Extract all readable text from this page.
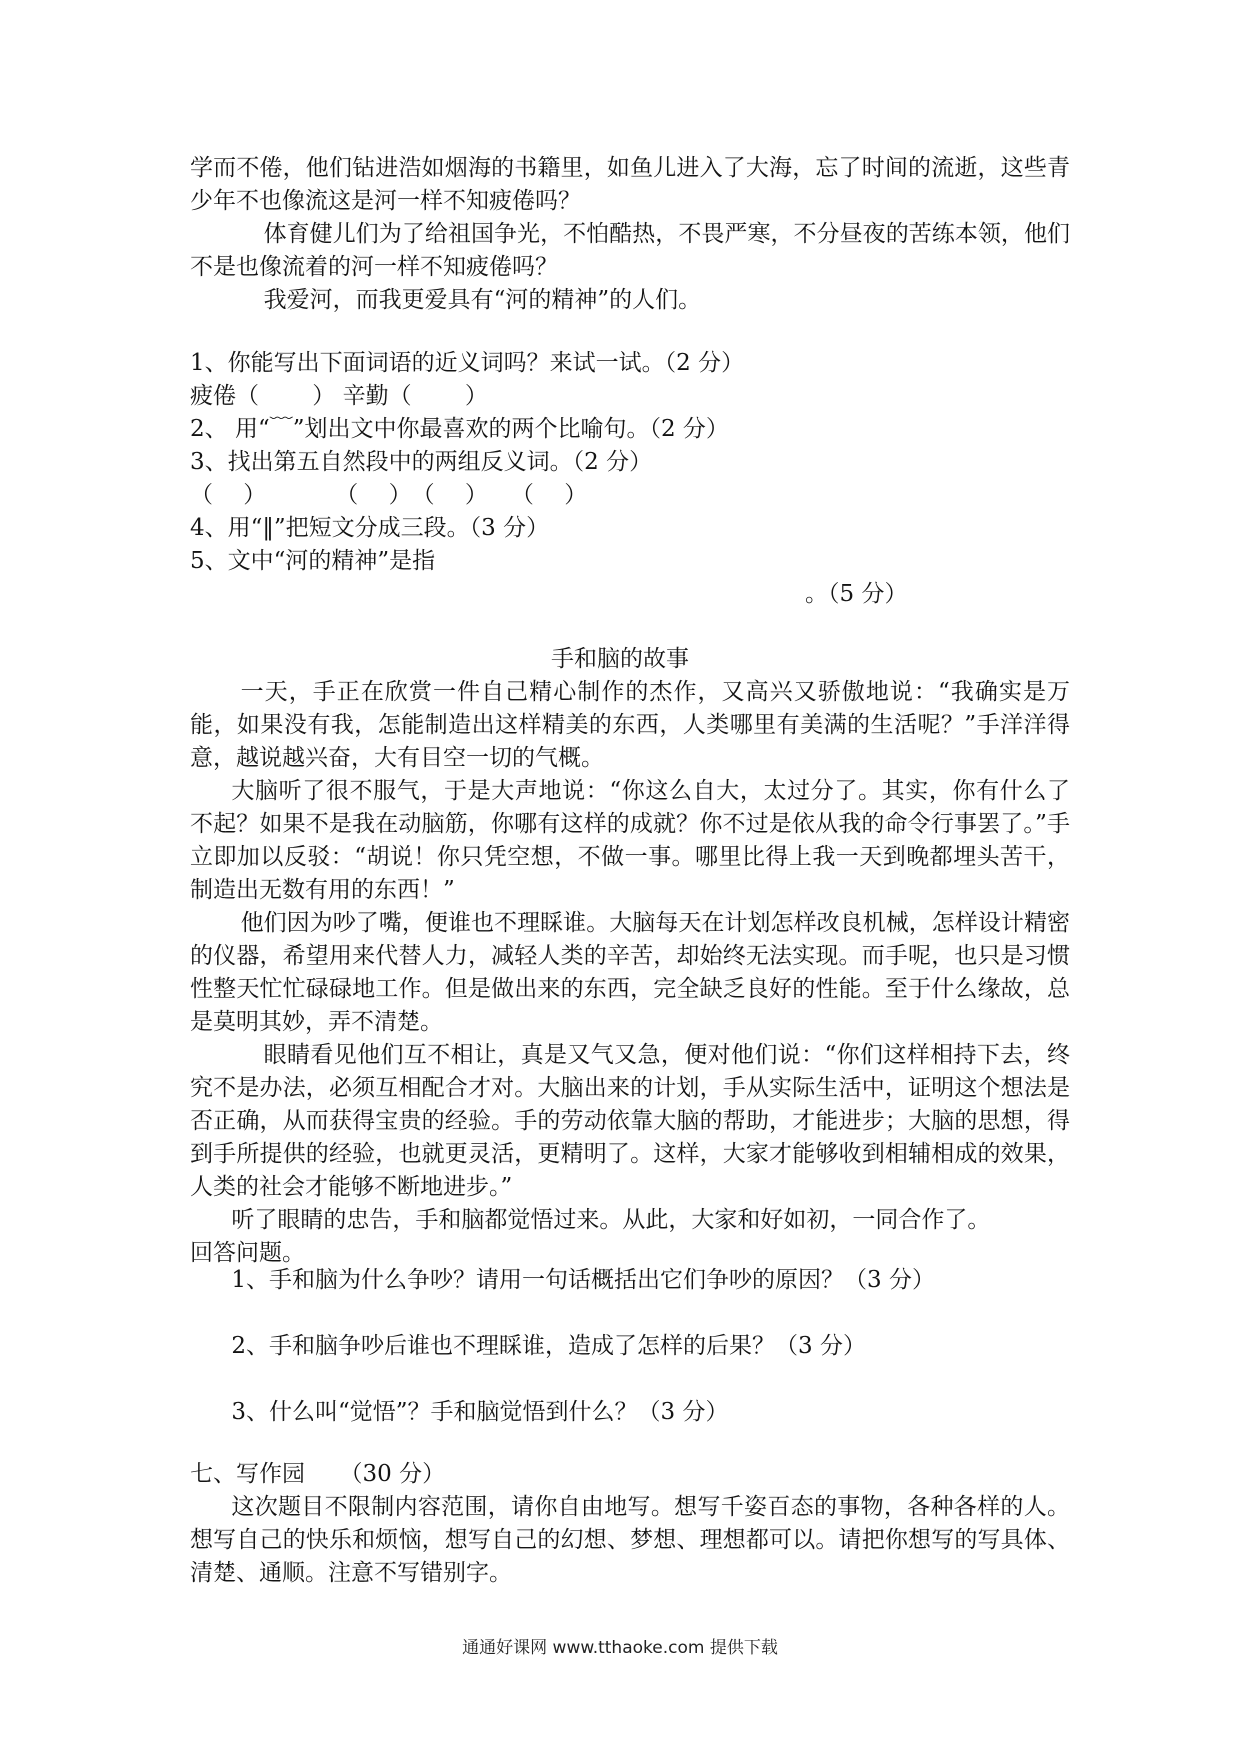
学而不倦，他们钻进浩如烟海的书籍里，如鱼儿进入了大海，忘了时间的流逝，这些青少年不也像流这是河一样不知疲倦吗？

体育健儿们为了给祖国争光，不怕酷热，不畏严寒，不分昼夜的苦练本领，他们不是也像流着的河一样不知疲倦吗？

我爱河，而我更爱具有“河的精神”的人们。

1、你能写出下面词语的近义词吗？来试一试。（2 分）

疲倦（　　 ） 辛勤（　　 ）

2、 用“﹋”划出文中你最喜欢的两个比喻句。（2 分）

3、找出第五自然段中的两组反义词。（2 分）

（　 ）　　　　（　 ）　（　 ）　　（　 ）

4、用“‖”把短文分成三段。（3 分）

5、文中“河的精神”是指

。（5 分）

手和脑的故事

一天，手正在欣赏一件自己精心制作的杰作，又高兴又骄傲地说：“我确实是万能，如果没有我，怎能制造出这样精美的东西，人类哪里有美满的生活呢？”手洋洋得意，越说越兴奋，大有目空一切的气概。

大脑听了很不服气，于是大声地说：“你这么自大，太过分了。其实，你有什么了不起？如果不是我在动脑筋，你哪有这样的成就？你不过是依从我的命令行事罢了。”手立即加以反驳：“胡说！你只凭空想，不做一事。哪里比得上我一天到晚都埋头苦干，制造出无数有用的东西！”

他们因为吵了嘴，便谁也不理睬谁。大脑每天在计划怎样改良机械，怎样设计精密的仪器，希望用来代替人力，减轻人类的辛苦，却始终无法实现。而手呢，也只是习惯性整天忙忙碌碌地工作。但是做出来的东西，完全缺乏良好的性能。至于什么缘故，总是莫明其妙，弄不清楚。

眼睛看见他们互不相让，真是又气又急，便对他们说：“你们这样相持下去，终究不是办法，必须互相配合才对。大脑出来的计划，手从实际生活中，证明这个想法是否正确，从而获得宝贵的经验。手的劳动依靠大脑的帮助，才能进步；大脑的思想，得到手所提供的经验，也就更灵活，更精明了。这样，大家才能够收到相辅相成的效果，人类的社会才能够不断地进步。”

听了眼睛的忠告，手和脑都觉悟过来。从此，大家和好如初，一同合作了。

回答问题。

1、手和脑为什么争吵？请用一句话概括出它们争吵的原因？（3 分）

2、手和脑争吵后谁也不理睬谁，造成了怎样的后果？（3 分）

3、什么叫“觉悟”？手和脑觉悟到什么？（3 分）

七、写作园　　（30 分）

这次题目不限制内容范围，请你自由地写。想写千姿百态的事物，各种各样的人。想写自己的快乐和烦恼，想写自己的幻想、梦想、理想都可以。请把你想写的写具体、清楚、通顺。注意不写错别字。

通通好课网 www.tthaoke.com 提供下载
